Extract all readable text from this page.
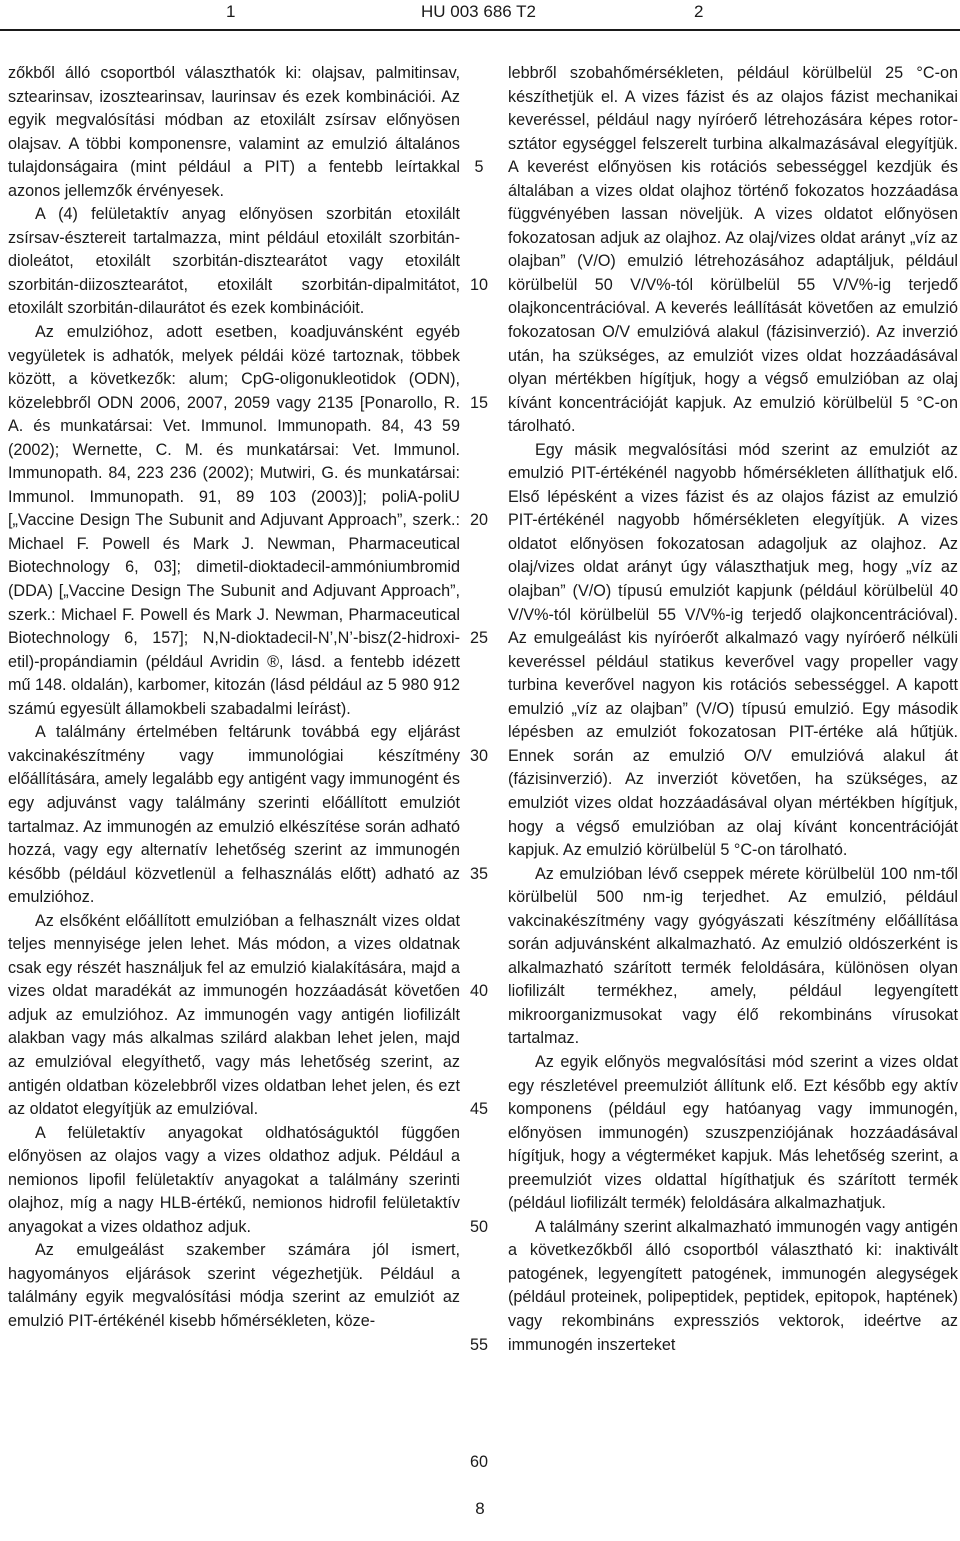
1	HU 003 686 T2	2

zőkből álló csoportból választhatók ki: olajsav, palmitinsav, sztearinsav, izosztearinsav, laurinsav és ezek kombinációi. Az egyik megvalósítási módban az etoxilált zsírsav előnyösen olajsav. A többi komponensre, valamint az emulzió általános tulajdonságaira (mint például a PIT) a fentebb leírtakkal azonos jellemzők érvényesek.

A (4) felületaktív anyag előnyösen szorbitán etoxilált zsírsav-észtereit tartalmazza, mint például etoxilált szorbitán-dioleátot, etoxilált szorbitán-disztearátot vagy etoxilált szorbitán-diizosztearátot, etoxilált szorbitán-dipalmitátot, etoxilált szorbitán-dilaurátot és ezek kombinációit.

Az emulzióhoz, adott esetben, koadjuvánsként egyéb vegyületek is adhatók, melyek példái közé tartoznak, többek között, a következők: alum; CpG-oligonukleotidok (ODN), közelebbről ODN 2006, 2007, 2059 vagy 2135 [Ponarollo, R. A. és munkatársai: Vet. Immunol. Immunopath. 84, 43 59 (2002); Wernette, C. M. és munkatársai: Vet. Immunol. Immunopath. 84, 223 236 (2002); Mutwiri, G. és munkatársai: Immunol. Immunopath. 91, 89 103 (2003)]; poliA-poliU [„Vaccine Design The Subunit and Adjuvant Approach”, szerk.: Michael F. Powell és Mark J. Newman, Pharmaceutical Biotechnology 6, 03]; dimetil-dioktadecil-ammóniumbromid (DDA) [„Vaccine Design The Subunit and Adjuvant Approach”, szerk.: Michael F. Powell és Mark J. Newman, Pharmaceutical Biotechnology 6, 157]; N,N-dioktadecil-N’,N’-bisz(2-hidroxi-etil)-propándiamin (például Avridin ®, lásd. a fentebb idézett mű 148. oldalán), karbomer, kitozán (lásd például az 5 980 912 számú egyesült államokbeli szabadalmi leírást).

A találmány értelmében feltárunk továbbá egy eljárást vakcinakészítmény vagy immunológiai készítmény előállítására, amely legalább egy antigént vagy immunogént és egy adjuvánst vagy találmány szerinti előállított emulziót tartalmaz. Az immunogén az emulzió elkészítése során adható hozzá, vagy egy alternatív lehetőség szerint az immunogén később (például közvetlenül a felhasználás előtt) adható az emulzióhoz.

Az elsőként előállított emulzióban a felhasznált vizes oldat teljes mennyisége jelen lehet. Más módon, a vizes oldatnak csak egy részét használjuk fel az emulzió kialakítására, majd a vizes oldat maradékát az immunogén hozzáadását követően adjuk az emulzióhoz. Az immunogén vagy antigén liofilizált alakban vagy más alkalmas szilárd alakban lehet jelen, majd az emulzióval elegyíthető, vagy más lehetőség szerint, az antigén oldatban közelebbről vizes oldatban lehet jelen, és ezt az oldatot elegyítjük az emulzióval.

A felületaktív anyagokat oldhatóságuktól függően előnyösen az olajos vagy a vizes oldathoz adjuk. Például a nemionos lipofil felületaktív anyagokat a találmány szerinti olajhoz, míg a nagy HLB-értékű, nemionos hidrofil felületaktív anyagokat a vizes oldathoz adjuk.

Az emulgeálást szakember számára jól ismert, hagyományos eljárások szerint végezhetjük. Például a találmány egyik megvalósítási módja szerint az emulziót az emulzió PIT-értékénél kisebb hőmérsékleten, köze-

5
10
15
20
25
30
35
40
45
50
55
60

lebbről szobahőmérsékleten, például körülbelül 25 °C-on készíthetjük el. A vizes fázist és az olajos fázist mechanikai keveréssel, például nagy nyíróerő létrehozására képes rotor-sztátor egységgel felszerelt turbina alkalmazásával elegyítjük. A keverést előnyösen kis rotációs sebességgel kezdjük és általában a vizes oldat olajhoz történő fokozatos hozzáadása függvényében lassan növeljük. A vizes oldatot előnyösen fokozatosan adjuk az olajhoz. Az olaj/vizes oldat arányt „víz az olajban” (V/O) emulzió létrehozásához adaptáljuk, például körülbelül 50 V/V%-tól körülbelül 55 V/V%-ig terjedő olajkoncentrációval. A keverés leállítását követően az emulzió fokozatosan O/V emulzióvá alakul (fázisinverzió). Az inverzió után, ha szükséges, az emulziót vizes oldat hozzáadásával olyan mértékben hígítjuk, hogy a végső emulzióban az olaj kívánt koncentrációját kapjuk. Az emulzió körülbelül 5 °C-on tárolható.

Egy másik megvalósítási mód szerint az emulziót az emulzió PIT-értékénél nagyobb hőmérsékleten állíthatjuk elő. Első lépésként a vizes fázist és az olajos fázist az emulzió PIT-értékénél nagyobb hőmérsékleten elegyítjük. A vizes oldatot előnyösen fokozatosan adagoljuk az olajhoz. Az olaj/vizes oldat arányt úgy választhatjuk meg, hogy „víz az olajban” (V/O) típusú emulziót kapjunk (például körülbelül 40 V/V%-tól körülbelül 55 V/V%-ig terjedő olajkoncentrációval). Az emulgeálást kis nyíróerőt alkalmazó vagy nyíróerő nélküli keveréssel például statikus keverővel vagy propeller vagy turbina keverővel nagyon kis rotációs sebességgel. A kapott emulzió „víz az olajban” (V/O) típusú emulzió. Egy második lépésben az emulziót fokozatosan PIT-értéke alá hűtjük. Ennek során az emulzió O/V emulzióvá alakul át (fázisinverzió). Az inverziót követően, ha szükséges, az emulziót vizes oldat hozzáadásával olyan mértékben hígítjuk, hogy a végső emulzióban az olaj kívánt koncentrációját kapjuk. Az emulzió körülbelül 5 °C-on tárolható.

Az emulzióban lévő cseppek mérete körülbelül 100 nm-től körülbelül 500 nm-ig terjedhet. Az emulzió, például vakcinakészítmény vagy gyógyászati készítmény előállítása során adjuvánsként alkalmazható. Az emulzió oldószerként is alkalmazható szárított termék feloldására, különösen olyan liofilizált termékhez, amely, például legyengített mikroorganizmusokat vagy élő rekombináns vírusokat tartalmaz.

Az egyik előnyös megvalósítási mód szerint a vizes oldat egy részletével preemulziót állítunk elő. Ezt később egy aktív komponens (például egy hatóanyag vagy immunogén, előnyösen immunogén) szuszpenziójának hozzáadásával hígítjuk, hogy a végterméket kapjuk. Más lehetőség szerint, a preemulziót vizes oldattal hígíthatjuk és szárított termék (például liofilizált termék) feloldására alkalmazhatjuk.

A találmány szerint alkalmazható immunogén vagy antigén a következőkből álló csoportból választható ki: inaktivált patogének, legyengített patogének, immunogén alegységek (például proteinek, polipeptidek, peptidek, epitopok, haptének) vagy rekombináns expressziós vektorok, ideértve az immunogén inszerteket

8
